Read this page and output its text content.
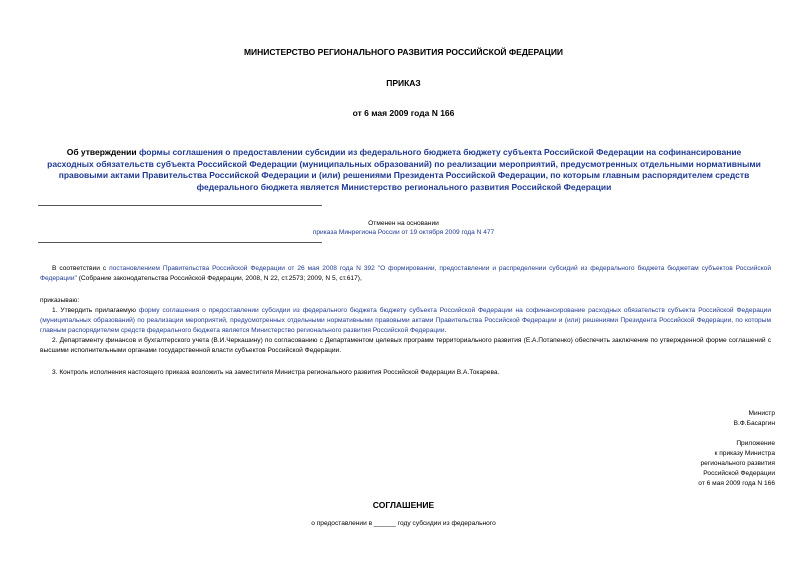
МИНИСТЕРСТВО РЕГИОНАЛЬНОГО РАЗВИТИЯ РОССИЙСКОЙ ФЕДЕРАЦИИ
ПРИКАЗ
от 6 мая 2009 года N 166
Об утверждении формы соглашения о предоставлении субсидии из федерального бюджета бюджету субъекта Российской Федерации на софинансирование расходных обязательств субъекта Российской Федерации (муниципальных образований) по реализации мероприятий, предусмотренных отдельными нормативными правовыми актами Правительства Российской Федерации и (или) решениями Президента Российской Федерации, по которым главным распорядителем средств федерального бюджета является Министерство регионального развития Российской Федерации
Отменен на основании
приказа Минрегиона России от 19 октября 2009 года N 477
В соответствии с постановлением Правительства Российской Федерации от 26 мая 2008 года N 392 "О формировании, предоставлении и распределении субсидий из федерального бюджета бюджетам субъектов Российской Федерации" (Собрание законодательства Российской Федерации, 2008, N 22, ст.2573; 2009, N 5, ст.617),
приказываю:
1. Утвердить прилагаемую форму соглашения о предоставлении субсидии из федерального бюджета бюджету субъекта Российской Федерации на софинансирование расходных обязательств субъекта Российской Федерации (муниципальных образований) по реализации мероприятий, предусмотренных отдельными нормативными правовыми актами Правительства Российской Федерации и (или) решениями Президента Российской Федерации, по которым главным распорядителем средств федерального бюджета является Министерство регионального развития Российской Федерации.
2. Департаменту финансов и бухгалтерского учета (В.И.Черкашину) по согласованию с Департаментом целевых программ территориального развития (Е.А.Потапенко) обеспечить заключение по утвержденной форме соглашений с высшими исполнительными органами государственной власти субъектов Российской Федерации.
3. Контроль исполнения настоящего приказа возложить на заместителя Министра регионального развития Российской Федерации В.А.Токарева.
Министр
В.Ф.Басаргин
Приложение
к приказу Министра
регионального развития
Российской Федерации
от 6 мая 2009 года N 166
СОГЛАШЕНИЕ
о предоставлении в ______ году субсидии из федерального
